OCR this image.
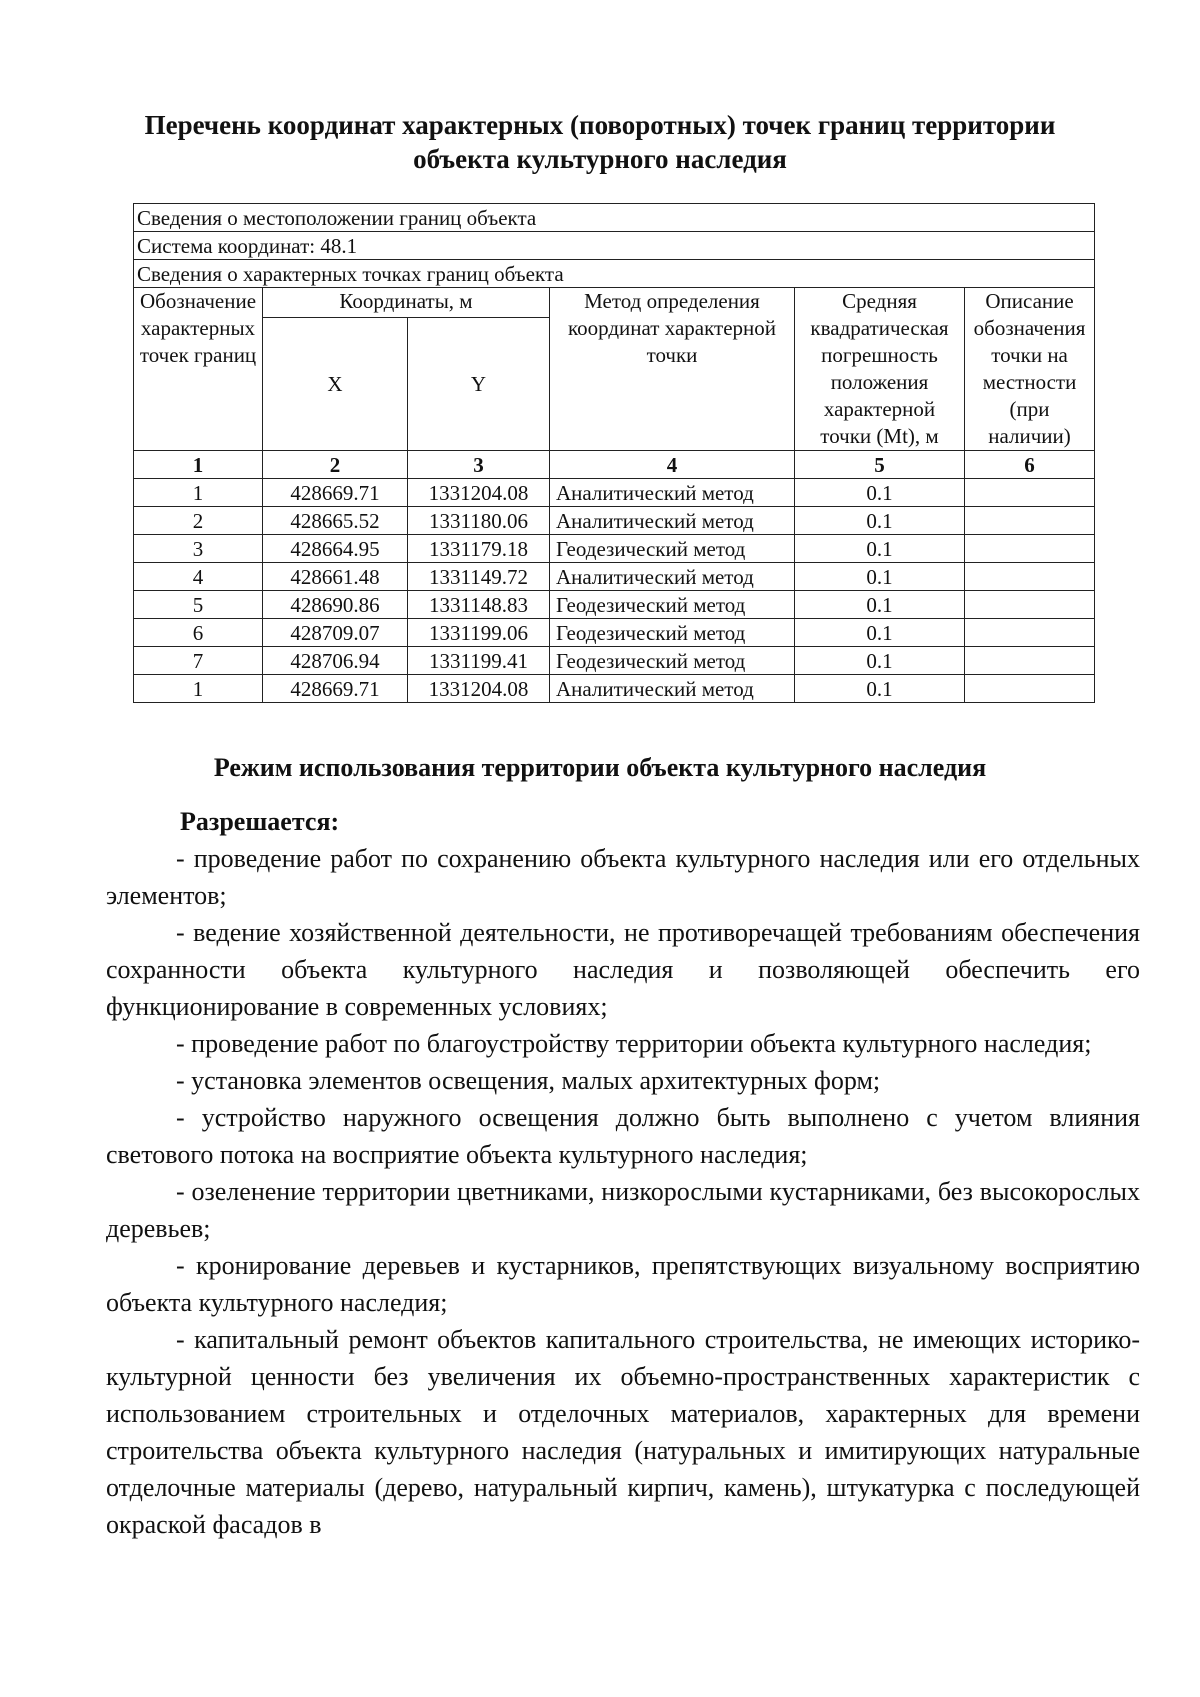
Перечень координат характерных (поворотных) точек границ территории
объекта культурного наследия
Сведения о местоположении границ объекта					
Система координат: 48.1					
Сведения о характерных точках границ объекта					
Обозначение характерных точек границ	Координаты, м		Метод определения координат характерной точки	Средняя квадратическая погрешность положения характерной точки (Mt), м	Описание обозначения точки на местности (при наличии)
	X	Y			
1	2	3	4	5	6
1	428669.71	1331204.08	Аналитический метод	0.1	
2	428665.52	1331180.06	Аналитический метод	0.1	
3	428664.95	1331179.18	Геодезический метод	0.1	
4	428661.48	1331149.72	Аналитический метод	0.1	
5	428690.86	1331148.83	Геодезический метод	0.1	
6	428709.07	1331199.06	Геодезический метод	0.1	
7	428706.94	1331199.41	Геодезический метод	0.1	
1	428669.71	1331204.08	Аналитический метод	0.1	
Режим использования территории объекта культурного наследия
Разрешается:

- проведение работ по сохранению объекта культурного наследия или его отдельных элементов;

- ведение хозяйственной деятельности, не противоречащей требованиям обеспечения сохранности объекта культурного наследия и позволяющей обеспечить его функционирование в современных условиях;

- проведение работ по благоустройству территории объекта культурного наследия;

- установка элементов освещения, малых архитектурных форм;

- устройство наружного освещения должно быть выполнено с учетом влияния светового потока на восприятие объекта культурного наследия;

- озеленение территории цветниками, низкорослыми кустарниками, без высокорослых деревьев;

- кронирование деревьев и кустарников, препятствующих визуальному восприятию объекта культурного наследия;

- капитальный ремонт объектов капитального строительства, не имеющих историко-культурной ценности без увеличения их объемно-пространственных характеристик с использованием строительных и отделочных материалов, характерных для времени строительства объекта культурного наследия (натуральных и имитирующих натуральные отделочные материалы (дерево, натуральный кирпич, камень), штукатурка с последующей окраской фасадов в
